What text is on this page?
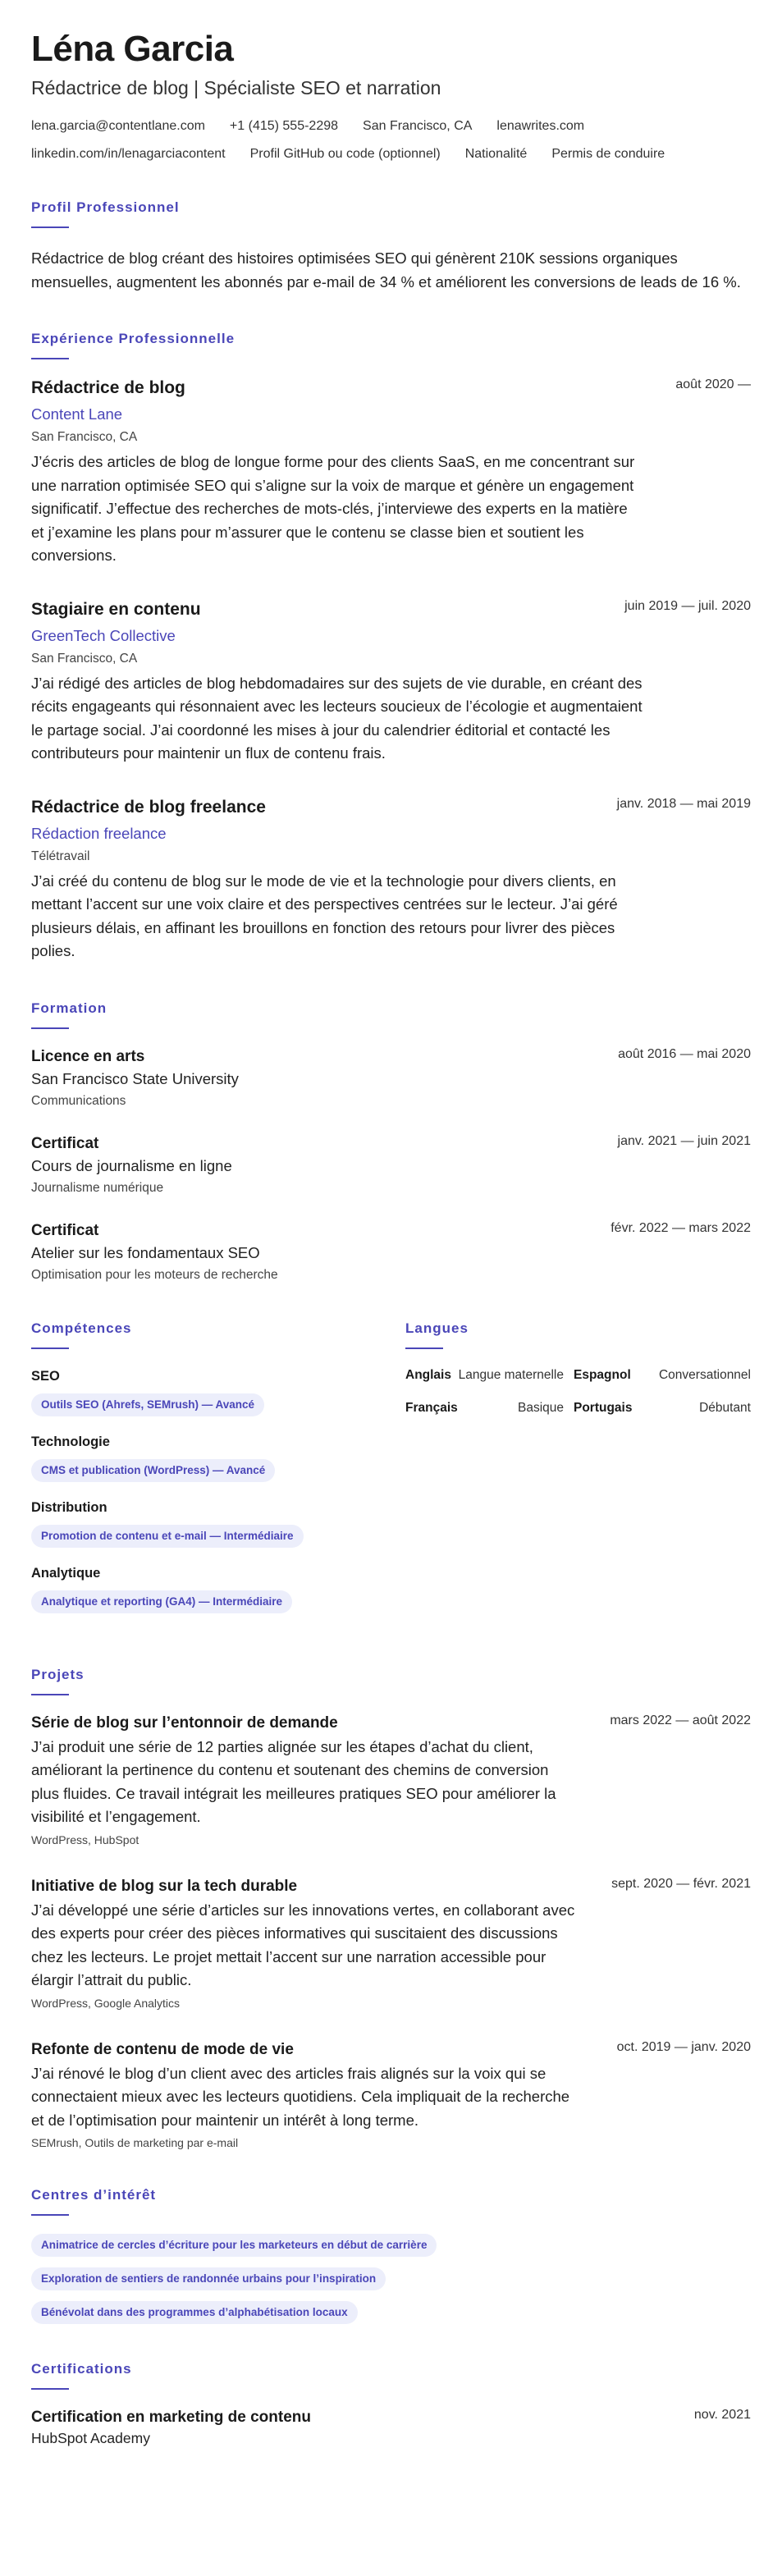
Léna Garcia
Rédactrice de blog | Spécialiste SEO et narration
lena.garcia@contentlane.com +1 (415) 555-2298 San Francisco, CA lenawrites.com
linkedin.com/in/lenagarciacontent Profil GitHub ou code (optionnel) Nationalité Permis de conduire
Profil Professionnel
Rédactrice de blog créant des histoires optimisées SEO qui génèrent 210K sessions organiques mensuelles, augmentent les abonnés par e-mail de 34 % et améliorent les conversions de leads de 16 %.
Expérience Professionnelle
août 2020 —
Rédactrice de blog
Content Lane
San Francisco, CA
J’écris des articles de blog de longue forme pour des clients SaaS, en me concentrant sur une narration optimisée SEO qui s’aligne sur la voix de marque et génère un engagement significatif. J’effectue des recherches de mots-clés, j’interviewe des experts en la matière et j’examine les plans pour m’assurer que le contenu se classe bien et soutient les conversions.
juin 2019 — juil. 2020
Stagiaire en contenu
GreenTech Collective
San Francisco, CA
J’ai rédigé des articles de blog hebdomadaires sur des sujets de vie durable, en créant des récits engageants qui résonnaient avec les lecteurs soucieux de l’écologie et augmentaient le partage social. J’ai coordonné les mises à jour du calendrier éditorial et contacté les contributeurs pour maintenir un flux de contenu frais.
janv. 2018 — mai 2019
Rédactrice de blog freelance
Rédaction freelance
Télétravail
J’ai créé du contenu de blog sur le mode de vie et la technologie pour divers clients, en mettant l’accent sur une voix claire et des perspectives centrées sur le lecteur. J’ai géré plusieurs délais, en affinant les brouillons en fonction des retours pour livrer des pièces polies.
Formation
août 2016 — mai 2020
Licence en arts
San Francisco State University
Communications
janv. 2021 — juin 2021
Certificat
Cours de journalisme en ligne
Journalisme numérique
févr. 2022 — mars 2022
Certificat
Atelier sur les fondamentaux SEO
Optimisation pour les moteurs de recherche
Compétences
SEO
Outils SEO (Ahrefs, SEMrush) — Avancé
Technologie
CMS et publication (WordPress) — Avancé
Distribution
Promotion de contenu et e-mail — Intermédiaire
Analytique
Analytique et reporting (GA4) — Intermédiaire
Langues
Anglais Langue maternelle Espagnol Conversationnel
Français	Basique Portugais	Débutant
Projets
mars 2022 — août 2022
Série de blog sur l’entonnoir de demande
J’ai produit une série de 12 parties alignée sur les étapes d’achat du client, améliorant la pertinence du contenu et soutenant des chemins de conversion plus fluides. Ce travail intégrait les meilleures pratiques SEO pour améliorer la visibilité et l’engagement.
WordPress, HubSpot
sept. 2020 — févr. 2021
Initiative de blog sur la tech durable
J’ai développé une série d’articles sur les innovations vertes, en collaborant avec des experts pour créer des pièces informatives qui suscitaient des discussions chez les lecteurs. Le projet mettait l’accent sur une narration accessible pour élargir l’attrait du public.
WordPress, Google Analytics
oct. 2019 — janv. 2020
Refonte de contenu de mode de vie
J’ai rénové le blog d’un client avec des articles frais alignés sur la voix qui se connectaient mieux avec les lecteurs quotidiens. Cela impliquait de la recherche et de l’optimisation pour maintenir un intérêt à long terme.
SEMrush, Outils de marketing par e-mail
Centres d’intérêt
Animatrice de cercles d’écriture pour les marketeurs en début de carrière
Exploration de sentiers de randonnée urbains pour l’inspiration
Bénévolat dans des programmes d’alphabétisation locaux
Certifications
nov. 2021
Certification en marketing de contenu
HubSpot Academy
